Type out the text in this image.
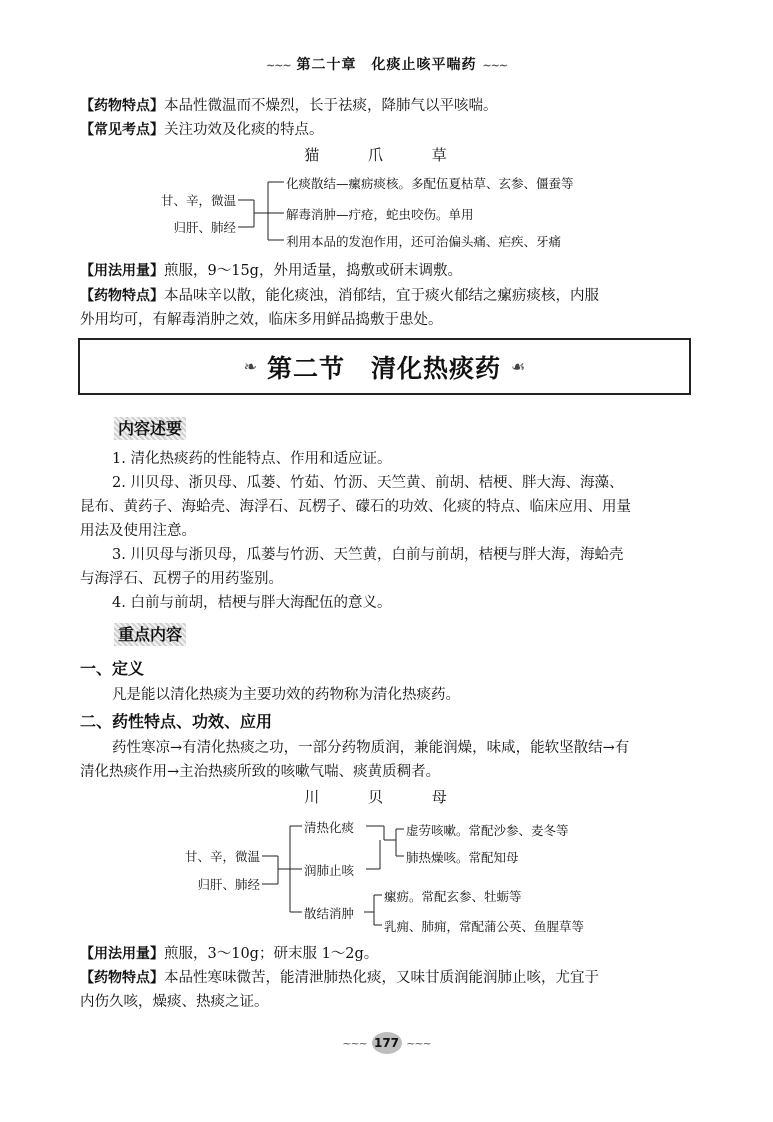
~~~ 第二十章　化痰止咳平喘药 ~~~
【药物特点】本品性微温而不燥烈，长于祛痰，降肺气以平咳喘。
【常见考点】关注功效及化痰的特点。
猫 爪 草
甘、辛，微温
归肝、肺经
化痰散结—瘰疬痰核。多配伍夏枯草、玄参、僵蚕等
解毒消肿—疔疮，蛇虫咬伤。单用
利用本品的发泡作用，还可治偏头痛、疟疾、牙痛
【用法用量】煎服，9～15g，外用适量，捣敷或研末调敷。
【药物特点】本品味辛以散，能化痰浊，消郁结，宜于痰火郁结之瘰疬痰核，内服
外用均可，有解毒消肿之效，临床多用鲜品捣敷于患处。
❧ 第二节　清化热痰药 ☙
内容述要
1. 清化热痰药的性能特点、作用和适应证。
2. 川贝母、浙贝母、瓜蒌、竹茹、竹沥、天竺黄、前胡、桔梗、胖大海、海藻、
昆布、黄药子、海蛤壳、海浮石、瓦楞子、礞石的功效、化痰的特点、临床应用、用量
用法及使用注意。
3. 川贝母与浙贝母，瓜蒌与竹沥、天竺黄，白前与前胡，桔梗与胖大海，海蛤壳
与海浮石、瓦楞子的用药鉴别。
4. 白前与前胡，桔梗与胖大海配伍的意义。
重点内容
一、定义
凡是能以清化热痰为主要功效的药物称为清化热痰药。
二、药性特点、功效、应用
药性寒凉→有清化热痰之功，一部分药物质润，兼能润燥，味咸，能软坚散结→有
清化热痰作用→主治热痰所致的咳嗽气喘、痰黄质稠者。
川 贝 母
甘、辛，微温
归肝、肺经
清热化痰
润肺止咳
散结消肿
虚劳咳嗽。常配沙参、麦冬等
肺热燥咳。常配知母
瘰疬。常配玄参、牡蛎等
乳痈、肺痈，常配蒲公英、鱼腥草等
【用法用量】煎服，3～10g；研末服 1～2g。
【药物特点】本品性寒味微苦，能清泄肺热化痰，又味甘质润能润肺止咳，尤宜于
内伤久咳，燥痰、热痰之证。
~~~ 177 ~~~
